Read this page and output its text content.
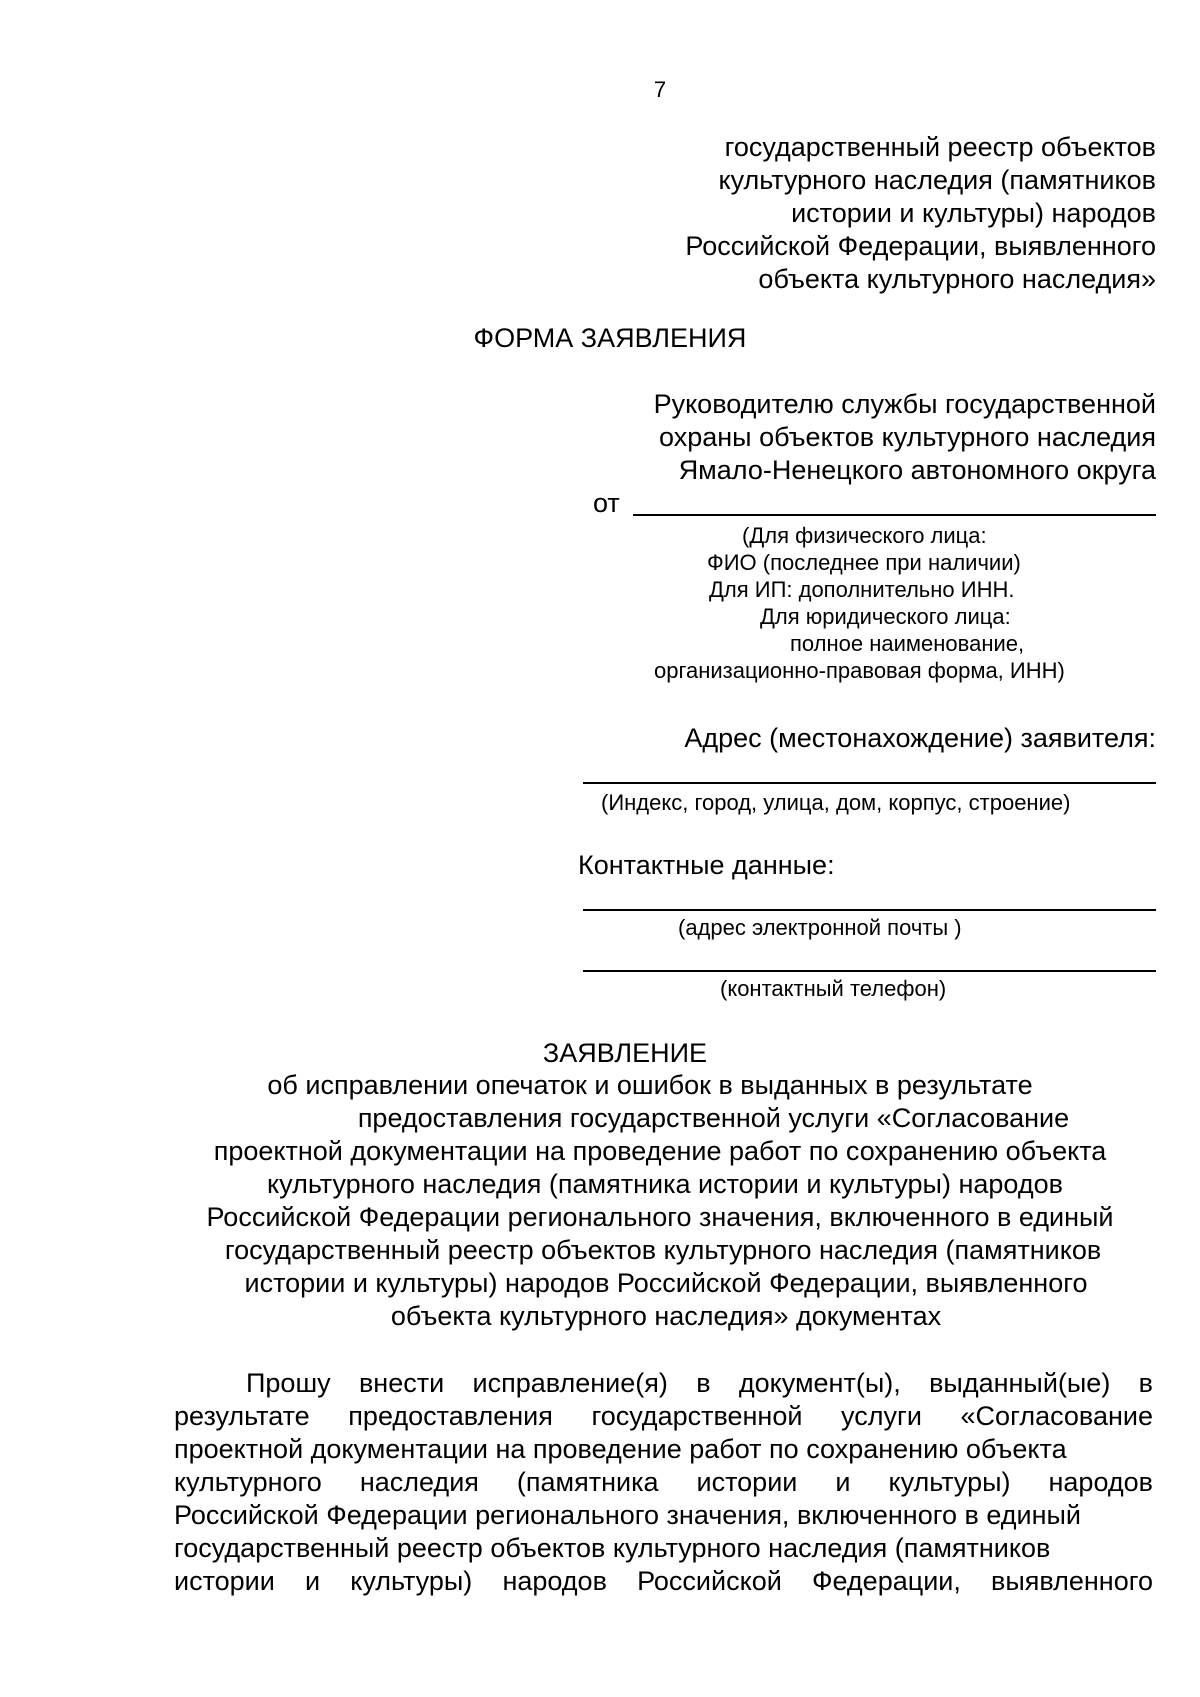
7
государственный реестр объектов
культурного наследия (памятников
истории и культуры) народов
Российской Федерации, выявленного
объекта культурного наследия»
ФОРМА ЗАЯВЛЕНИЯ
Руководителю службы государственной
охраны объектов культурного наследия
Ямало-Ненецкого автономного округа
от
(Для физического лица:
ФИО (последнее при наличии)
Для ИП: дополнительно ИНН.
Для юридического лица:
полное наименование,
организационно-правовая форма, ИНН)
Адрес (местонахождение) заявителя:
(Индекс, город, улица, дом, корпус, строение)
Контактные данные:
(адрес электронной почты )
(контактный телефон)
ЗАЯВЛЕНИЕ
об исправлении опечаток и ошибок в выданных в результате
предоставления государственной услуги «Согласование
проектной документации на проведение работ по сохранению объекта
культурного наследия (памятника истории и культуры) народов
Российской Федерации регионального значения, включенного в единый
государственный реестр объектов культурного наследия (памятников
истории и культуры) народов Российской Федерации, выявленного
объекта культурного наследия» документах
Прошу внести исправление(я) в документ(ы), выданный(ые) в
результате предоставления государственной услуги «Согласование
проектной документации на проведение работ по сохранению объекта
культурного наследия (памятника истории и культуры) народов
Российской Федерации регионального значения, включенного в единый
государственный реестр объектов культурного наследия (памятников
истории и культуры) народов Российской Федерации, выявленного
